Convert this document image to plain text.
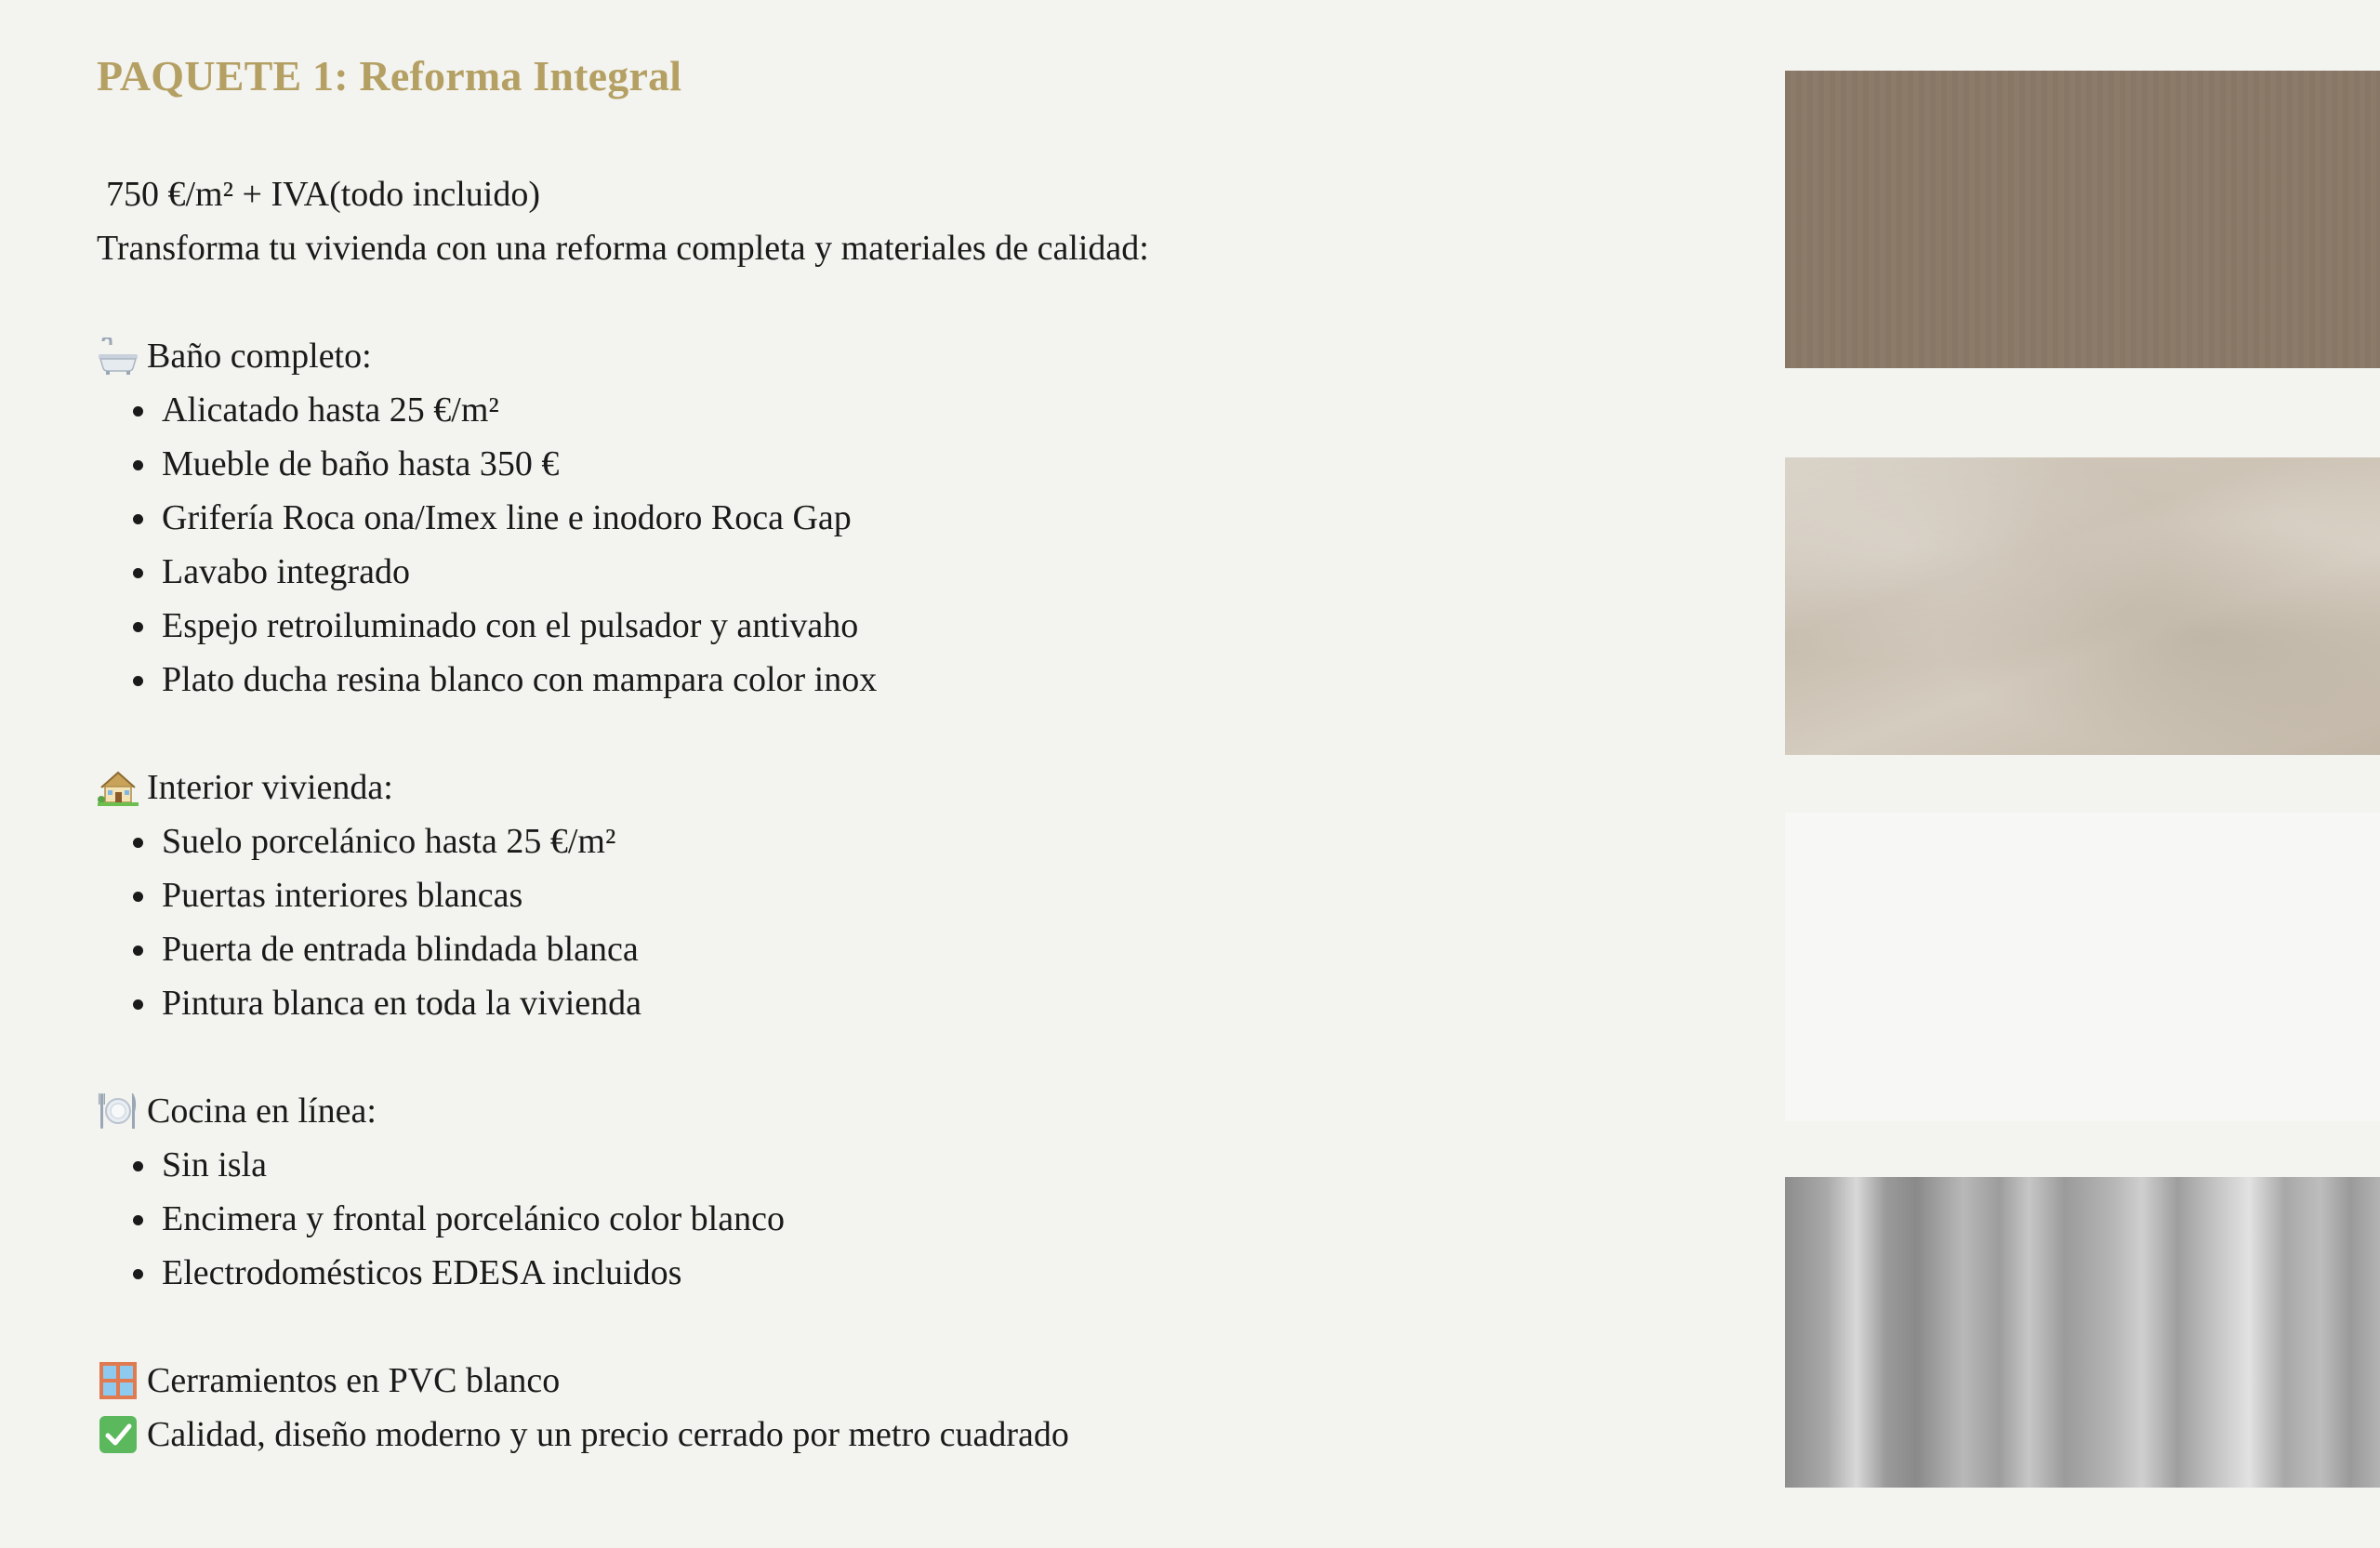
PAQUETE 1: Reforma Integral

750 €/m² + IVA(todo incluido)

Transforma tu vivienda con una reforma completa y materiales de calidad:

Baño completo:

Alicatado hasta 25 €/m²
Mueble de baño hasta 350 €
Grifería Roca ona/Imex line e inodoro Roca Gap
Lavabo integrado
Espejo retroiluminado con el pulsador y antivaho
Plato ducha resina blanco con mampara color inox

Interior vivienda:

Suelo porcelánico hasta 25 €/m²
Puertas interiores blancas
Puerta de entrada blindada blanca
Pintura blanca en toda la vivienda

Cocina en línea:

Sin isla
Encimera y frontal porcelánico color blanco
Electrodomésticos EDESA incluidos

Cerramientos en PVC blanco

Calidad, diseño moderno y un precio cerrado por metro cuadrado
